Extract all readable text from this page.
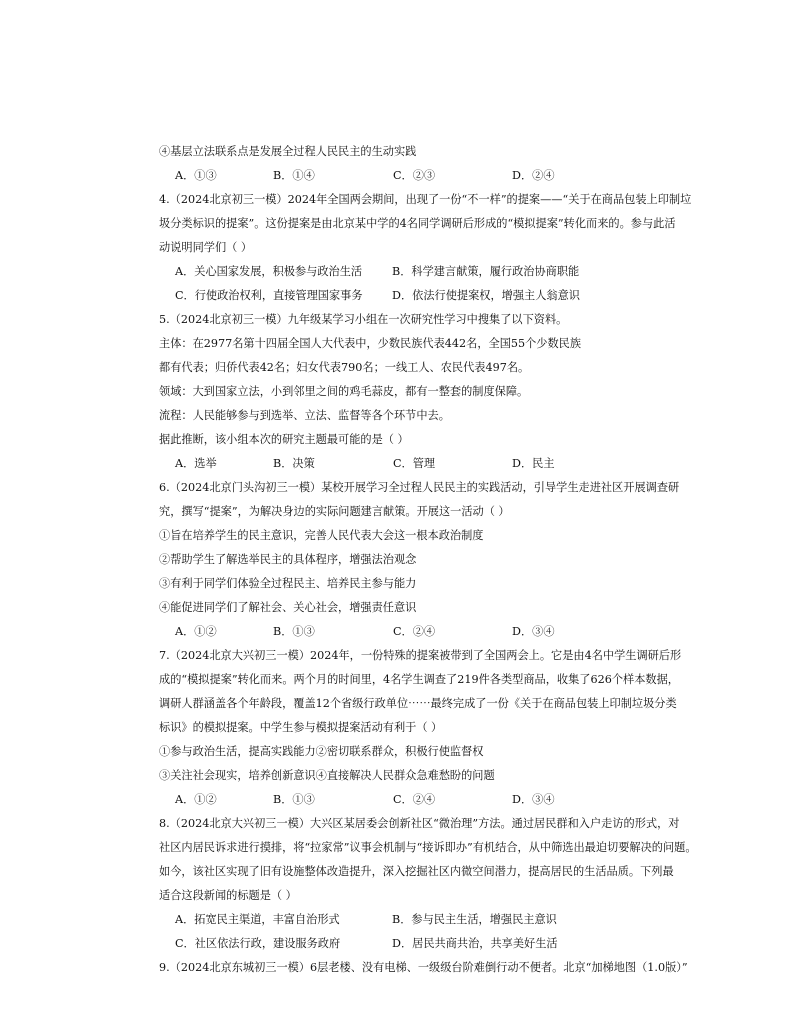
④基层立法联系点是发展全过程人民民主的生动实践
A．①③	B．①④	C．②③	D．②④
4.（2024北京初三一模）2024年全国两会期间，出现了一份“不一样”的提案——“关于在商品包装上印制垃
圾分类标识的提案”。这份提案是由北京某中学的4名同学调研后形成的“模拟提案”转化而来的。参与此活
动说明同学们（ ）
A．关心国家发展，积极参与政治生活	B．科学建言献策，履行政治协商职能
C．行使政治权利，直接管理国家事务	D．依法行使提案权，增强主人翁意识
5.（2024北京初三一模）九年级某学习小组在一次研究性学习中搜集了以下资料。
主体：在2977名第十四届全国人大代表中，少数民族代表442名，全国55个少数民族
都有代表；归侨代表42名；妇女代表790名；一线工人、农民代表497名。
领域：大到国家立法，小到邻里之间的鸡毛蒜皮，都有一整套的制度保障。
流程：人民能够参与到选举、立法、监督等各个环节中去。
据此推断，该小组本次的研究主题最可能的是（ ）
A．选举	B．决策	C．管理	D．民主
6.（2024北京门头沟初三一模）某校开展学习全过程人民民主的实践活动，引导学生走进社区开展调查研
究，撰写“提案”，为解决身边的实际问题建言献策。开展这一活动（ ）
①旨在培养学生的民主意识，完善人民代表大会这一根本政治制度
②帮助学生了解选举民主的具体程序，增强法治观念
③有利于同学们体验全过程民主、培养民主参与能力
④能促进同学们了解社会、关心社会，增强责任意识
A．①②	B．①③	C．②④	D．③④
7.（2024北京大兴初三一模）2024年，一份特殊的提案被带到了全国两会上。它是由4名中学生调研后形
成的“模拟提案”转化而来。两个月的时间里，4名学生调查了219件各类型商品，收集了626个样本数据，
调研人群涵盖各个年龄段，覆盖12个省级行政单位⋯⋯最终完成了一份《关于在商品包装上印制垃圾分类
标识》的模拟提案。中学生参与模拟提案活动有利于（ ）
①参与政治生活，提高实践能力②密切联系群众，积极行使监督权
③关注社会现实，培养创新意识④直接解决人民群众急难愁盼的问题
A．①②	B．①③	C．②④	D．③④
8.（2024北京大兴初三一模）大兴区某居委会创新社区“微治理”方法。通过居民群和入户走访的形式，对
社区内居民诉求进行摸排，将“拉家常”议事会机制与“接诉即办”有机结合，从中筛选出最迫切要解决的问题。
如今，该社区实现了旧有设施整体改造提升，深入挖掘社区内微空间潜力，提高居民的生活品质。下列最
适合这段新闻的标题是（ ）
A．拓宽民主渠道，丰富自治形式	B．参与民主生活，增强民主意识
C．社区依法行政，建设服务政府	D．居民共商共治，共享美好生活
9.（2024北京东城初三一模）6层老楼、没有电梯、一级级台阶难倒行动不便者。北京“加梯地图（1.0版）”
